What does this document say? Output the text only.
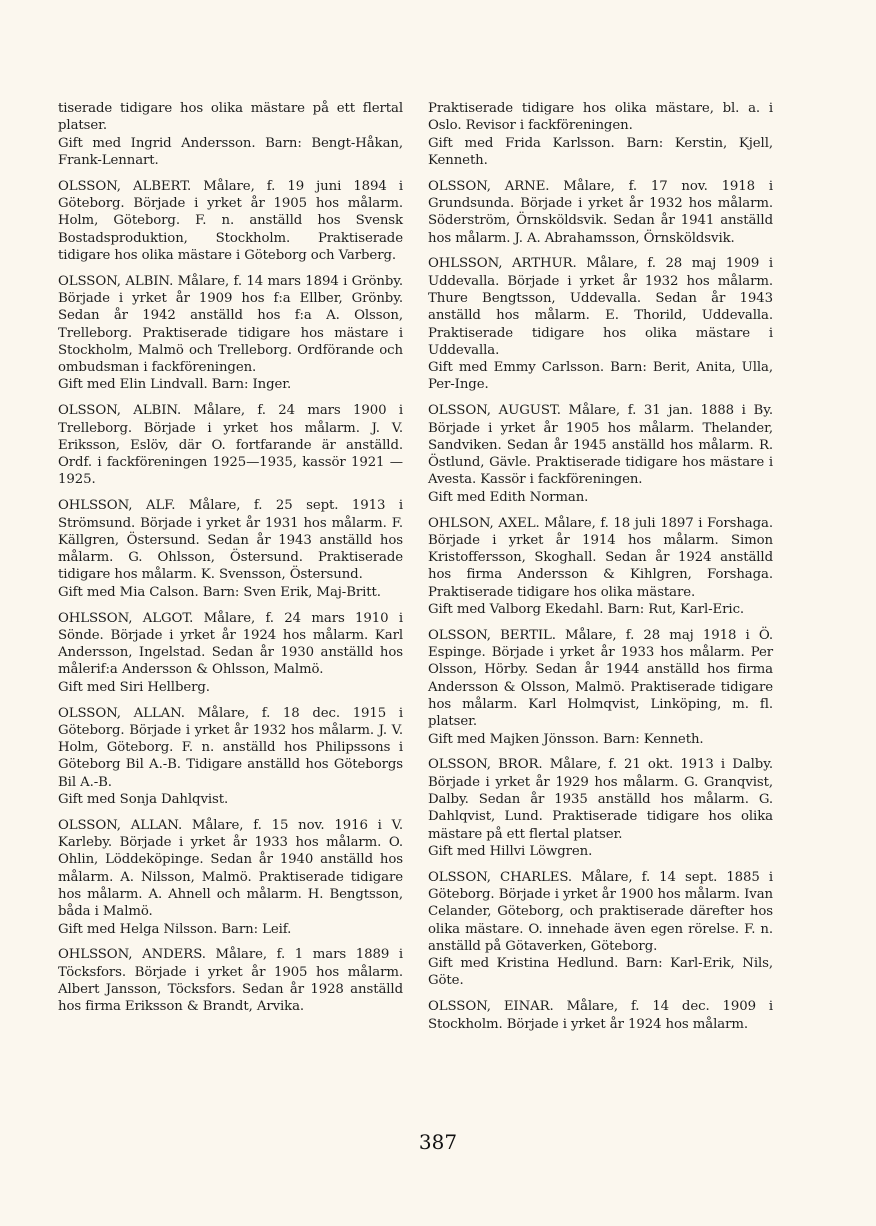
tiserade tidigare hos olika mästare på ett flertal platser.

Gift med Ingrid Andersson. Barn: Bengt-Håkan, Frank-Lennart.

OLSSON, ALBERT. Målare, f. 19 juni 1894 i Göteborg. Började i yrket år 1905 hos målarm. Holm, Göteborg. F. n. anställd hos Svensk Bostadsproduktion, Stockholm. Praktiserade tidigare hos olika mästare i Göteborg och Varberg.

OLSSON, ALBIN. Målare, f. 14 mars 1894 i Grönby. Började i yrket år 1909 hos f:a Ellber, Grönby. Sedan år 1942 anställd hos f:a A. Olsson, Trelleborg. Praktiserade tidigare hos mästare i Stockholm, Malmö och Trelleborg. Ordförande och ombudsman i fackföreningen.

Gift med Elin Lindvall. Barn: Inger.

OLSSON, ALBIN. Målare, f. 24 mars 1900 i Trelleborg. Började i yrket hos målarm. J. V. Eriksson, Eslöv, där O. fortfarande är anställd. Ordf. i fackföreningen 1925—1935, kassör 1921 — 1925.

OHLSSON, ALF. Målare, f. 25 sept. 1913 i Strömsund. Började i yrket år 1931 hos målarm. F. Källgren, Östersund. Sedan år 1943 anställd hos målarm. G. Ohlsson, Östersund. Praktiserade tidigare hos målarm. K. Svensson, Östersund.

Gift med Mia Calson. Barn: Sven Erik, Maj-Britt.

OHLSSON, ALGOT. Målare, f. 24 mars 1910 i Sönde. Började i yrket år 1924 hos målarm. Karl Andersson, Ingelstad. Sedan år 1930 anställd hos målerif:a Andersson & Ohlsson, Malmö.

Gift med Siri Hellberg.

OLSSON, ALLAN. Målare, f. 18 dec. 1915 i Göteborg. Började i yrket år 1932 hos målarm. J. V. Holm, Göteborg. F. n. anställd hos Philipssons i Göteborg Bil A.-B. Tidigare anställd hos Göteborgs Bil A.-B.

Gift med Sonja Dahlqvist.

OLSSON, ALLAN. Målare, f. 15 nov. 1916 i V. Karleby. Började i yrket år 1933 hos målarm. O. Ohlin, Löddeköpinge. Sedan år 1940 anställd hos målarm. A. Nilsson, Malmö. Praktiserade tidigare hos målarm. A. Ahnell och målarm. H. Bengtsson, båda i Malmö.

Gift med Helga Nilsson. Barn: Leif.

OHLSSON, ANDERS. Målare, f. 1 mars 1889 i Töcksfors. Började i yrket år 1905 hos målarm. Albert Jansson, Töcksfors. Sedan år 1928 anställd hos firma Eriksson & Brandt, Arvika.

Praktiserade tidigare hos olika mästare, bl. a. i Oslo. Revisor i fackföreningen.

Gift med Frida Karlsson. Barn: Kerstin, Kjell, Kenneth.

OLSSON, ARNE. Målare, f. 17 nov. 1918 i Grundsunda. Började i yrket år 1932 hos målarm. Söderström, Örnsköldsvik. Sedan år 1941 anställd hos målarm. J. A. Abrahamsson, Örnsköldsvik.

OHLSSON, ARTHUR. Målare, f. 28 maj 1909 i Uddevalla. Började i yrket år 1932 hos målarm. Thure Bengtsson, Uddevalla. Sedan år 1943 anställd hos målarm. E. Thorild, Uddevalla. Praktiserade tidigare hos olika mästare i Uddevalla.

Gift med Emmy Carlsson. Barn: Berit, Anita, Ulla, Per-Inge.

OLSSON, AUGUST. Målare, f. 31 jan. 1888 i By. Började i yrket år 1905 hos målarm. Thelander, Sandviken. Sedan år 1945 anställd hos målarm. R. Östlund, Gävle. Praktiserade tidigare hos mästare i Avesta. Kassör i fackföreningen.

Gift med Edith Norman.

OHLSON, AXEL. Målare, f. 18 juli 1897 i Forshaga. Började i yrket år 1914 hos målarm. Simon Kristoffersson, Skoghall. Sedan år 1924 anställd hos firma Andersson & Kihlgren, Forshaga. Praktiserade tidigare hos olika mästare.

Gift med Valborg Ekedahl. Barn: Rut, Karl-Eric.

OLSSON, BERTIL. Målare, f. 28 maj 1918 i Ö. Espinge. Började i yrket år 1933 hos målarm. Per Olsson, Hörby. Sedan år 1944 anställd hos firma Andersson & Olsson, Malmö. Praktiserade tidigare hos målarm. Karl Holmqvist, Linköping, m. fl. platser.

Gift med Majken Jönsson. Barn: Kenneth.

OLSSON, BROR. Målare, f. 21 okt. 1913 i Dalby. Började i yrket år 1929 hos målarm. G. Granqvist, Dalby. Sedan år 1935 anställd hos målarm. G. Dahlqvist, Lund. Praktiserade tidigare hos olika mästare på ett flertal platser.

Gift med Hillvi Löwgren.

OLSSON, CHARLES. Målare, f. 14 sept. 1885 i Göteborg. Började i yrket år 1900 hos målarm. Ivan Celander, Göteborg, och praktiserade därefter hos olika mästare. O. innehade även egen rörelse. F. n. anställd på Götaverken, Göteborg.

Gift med Kristina Hedlund. Barn: Karl-Erik, Nils, Göte.

OLSSON, EINAR. Målare, f. 14 dec. 1909 i Stockholm. Började i yrket år 1924 hos målarm.

387
